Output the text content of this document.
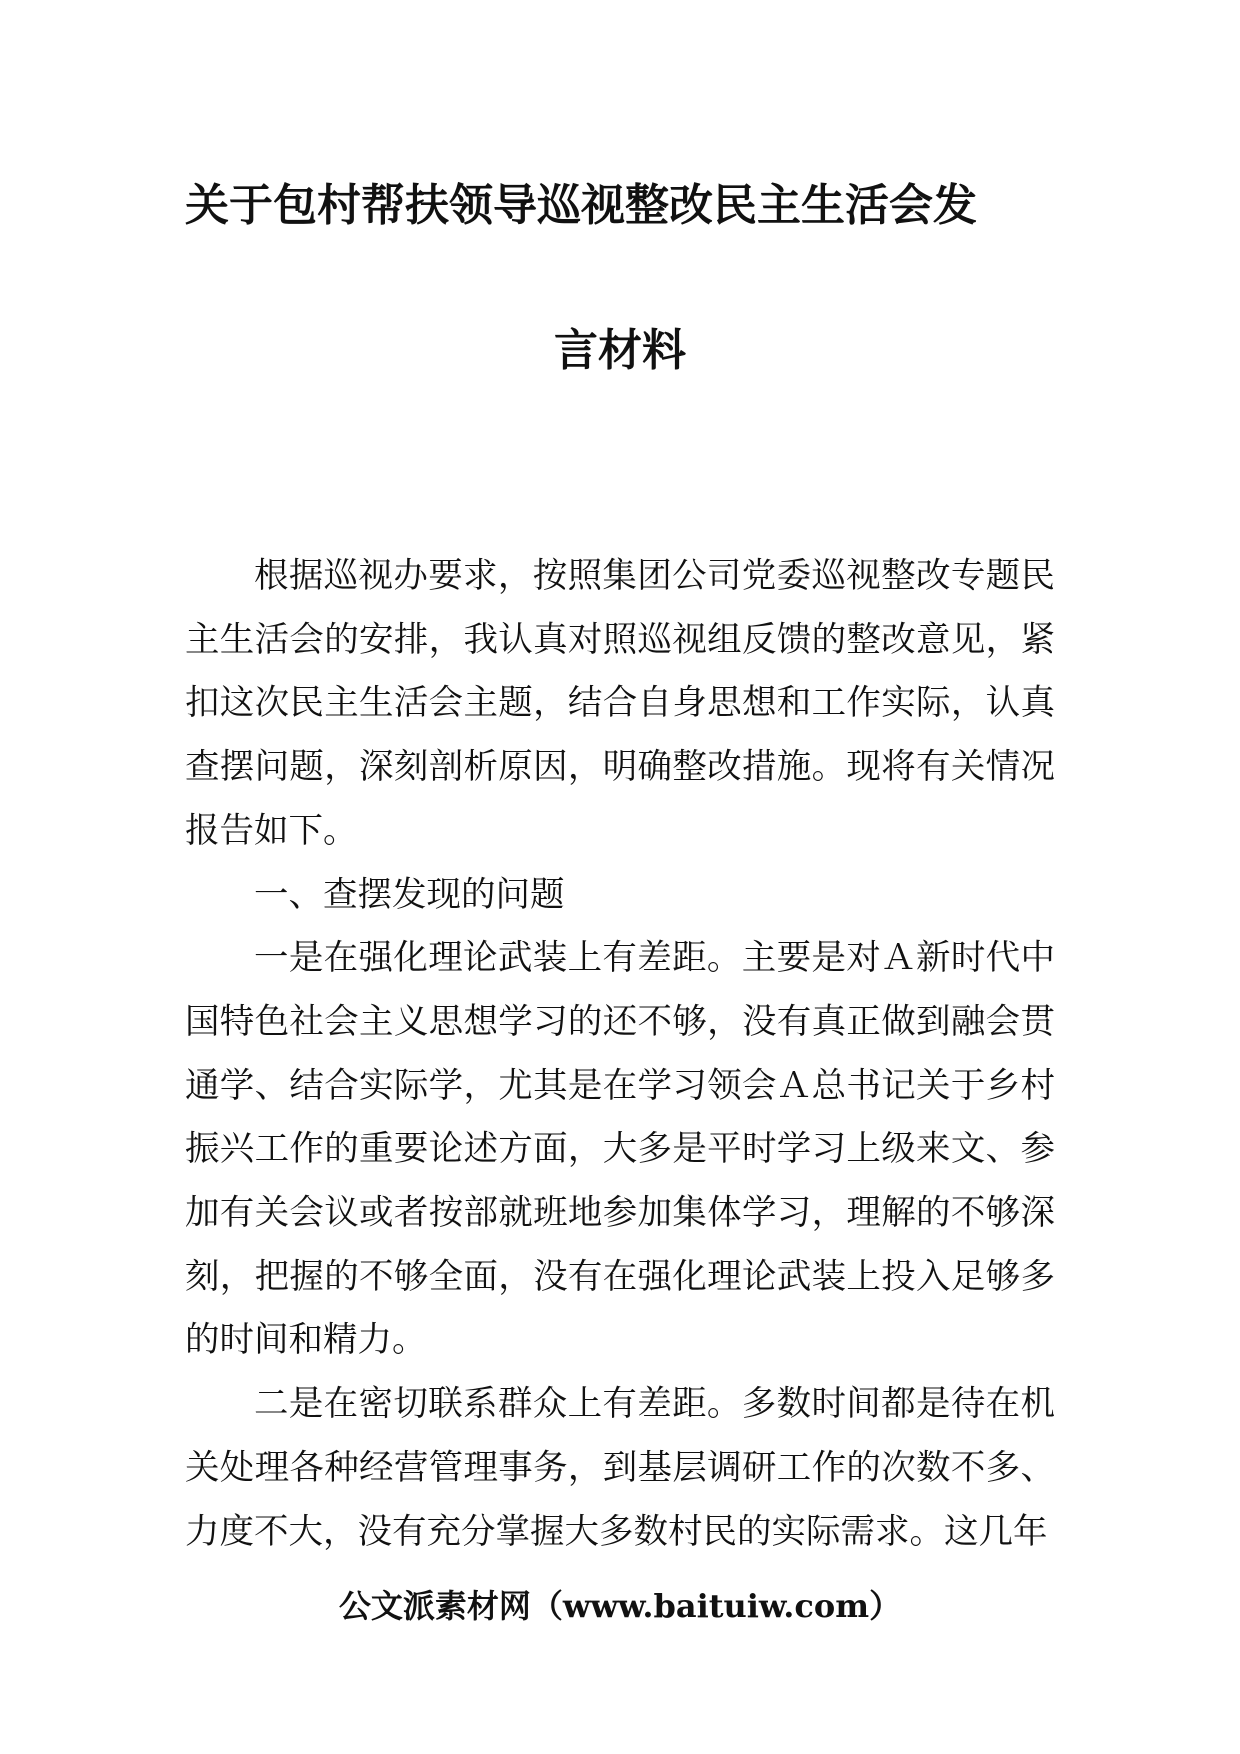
关于包村帮扶领导巡视整改民主生活会发
言材料

根据巡视办要求，按照集团公司党委巡视整改专题民主生活会的安排，我认真对照巡视组反馈的整改意见，紧扣这次民主生活会主题，结合自身思想和工作实际，认真查摆问题，深刻剖析原因，明确整改措施。现将有关情况报告如下。

一、查摆发现的问题

一是在强化理论武装上有差距。主要是对Ａ新时代中国特色社会主义思想学习的还不够，没有真正做到融会贯通学、结合实际学，尤其是在学习领会Ａ总书记关于乡村振兴工作的重要论述方面，大多是平时学习上级来文、参加有关会议或者按部就班地参加集体学习，理解的不够深刻，把握的不够全面，没有在强化理论武装上投入足够多的时间和精力。

二是在密切联系群众上有差距。多数时间都是待在机关处理各种经营管理事务，到基层调研工作的次数不多、力度不大，没有充分掌握大多数村民的实际需求。这几年

公文派素材网（www.baituiw.com）
